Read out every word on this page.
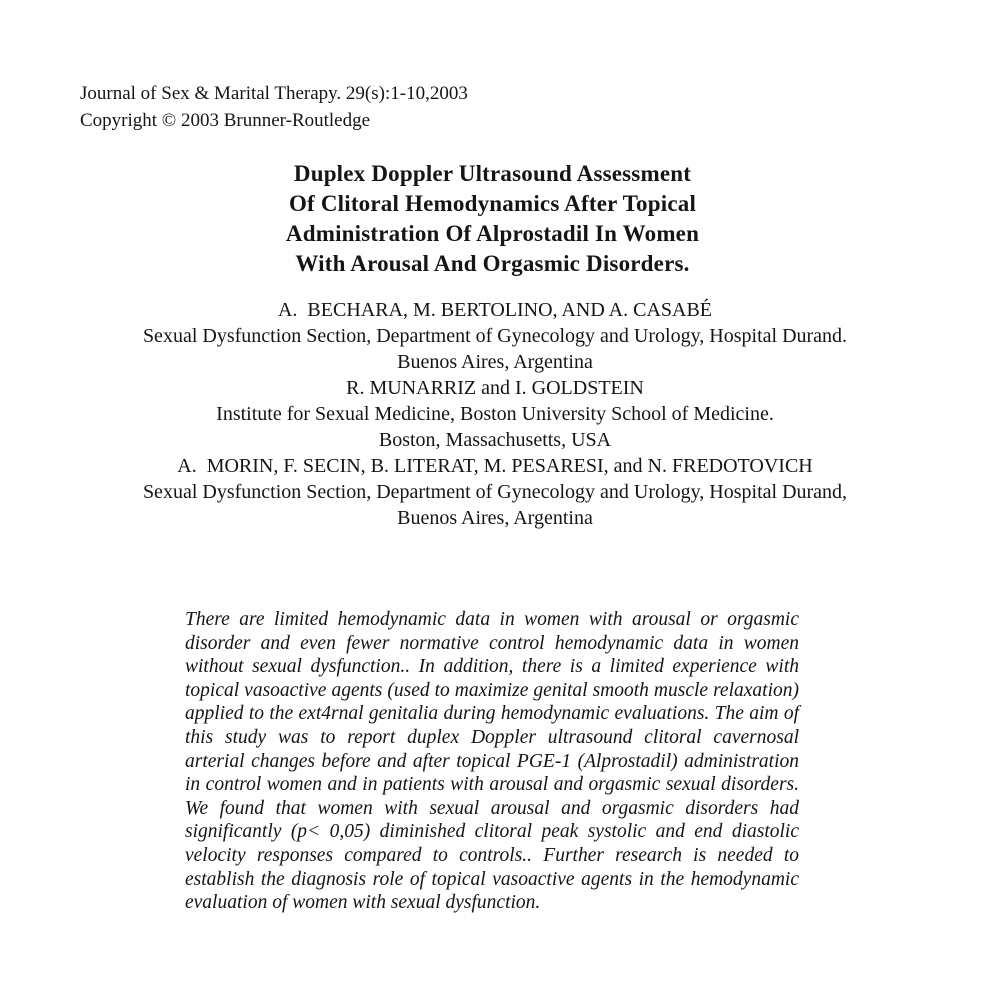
Journal of Sex & Marital Therapy. 29(s):1-10,2003
Copyright © 2003 Brunner-Routledge
Duplex Doppler Ultrasound Assessment
Of Clitoral Hemodynamics After Topical
Administration Of Alprostadil In Women
With Arousal And Orgasmic Disorders.
A.  BECHARA, M. BERTOLINO, AND A. CASABÉ
Sexual Dysfunction Section, Department of Gynecology and Urology, Hospital Durand.
Buenos Aires, Argentina
R. MUNARRIZ and I. GOLDSTEIN
Institute for Sexual Medicine, Boston University School of Medicine.
Boston, Massachusetts, USA
A.  MORIN, F. SECIN, B. LITERAT, M. PESARESI, and N. FREDOTOVICH
Sexual Dysfunction Section, Department of Gynecology and Urology, Hospital Durand,
Buenos Aires, Argentina
There are limited hemodynamic data in women with arousal or orgasmic disorder and even fewer normative control hemodynamic data in women without sexual dysfunction.. In addition, there is a limited experience with topical vasoactive agents (used to maximize genital smooth muscle relaxation) applied to the ext4rnal genitalia during hemodynamic evaluations. The aim of this study was to report duplex Doppler ultrasound clitoral cavernosal arterial changes before and after topical PGE-1 (Alprostadil) administration in control women and in patients with arousal and orgasmic sexual disorders. We found that women with sexual arousal and orgasmic disorders had significantly (p< 0,05) diminished clitoral peak systolic and end diastolic velocity responses compared to controls.. Further research is needed to establish the diagnosis role of topical vasoactive agents in the hemodynamic evaluation of women with sexual dysfunction.
